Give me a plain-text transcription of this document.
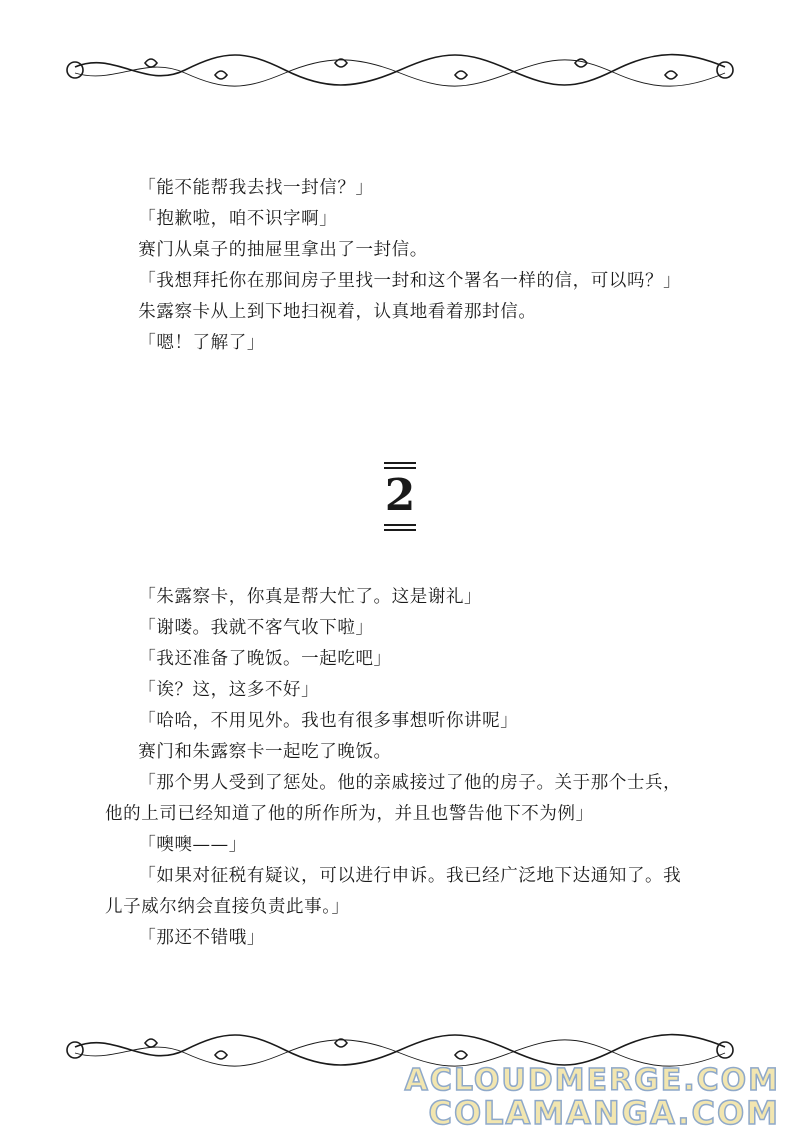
「能不能帮我去找一封信？」

「抱歉啦，咱不识字啊」

赛门从桌子的抽屉里拿出了一封信。

「我想拜托你在那间房子里找一封和这个署名一样的信，可以吗？」

朱露察卡从上到下地扫视着，认真地看着那封信。

「嗯！了解了」

2

「朱露察卡，你真是帮大忙了。这是谢礼」

「谢喽。我就不客气收下啦」

「我还准备了晚饭。一起吃吧」

「诶？这，这多不好」

「哈哈，不用见外。我也有很多事想听你讲呢」

赛门和朱露察卡一起吃了晚饭。

「那个男人受到了惩处。他的亲戚接过了他的房子。关于那个士兵，他的上司已经知道了他的所作所为，并且也警告他下不为例」

「噢噢——」

「如果对征税有疑议，可以进行申诉。我已经广泛地下达通知了。我儿子威尔纳会直接负责此事。」

「那还不错哦」

ACLOUDMERGE.COM
COLAMANGA.COM
